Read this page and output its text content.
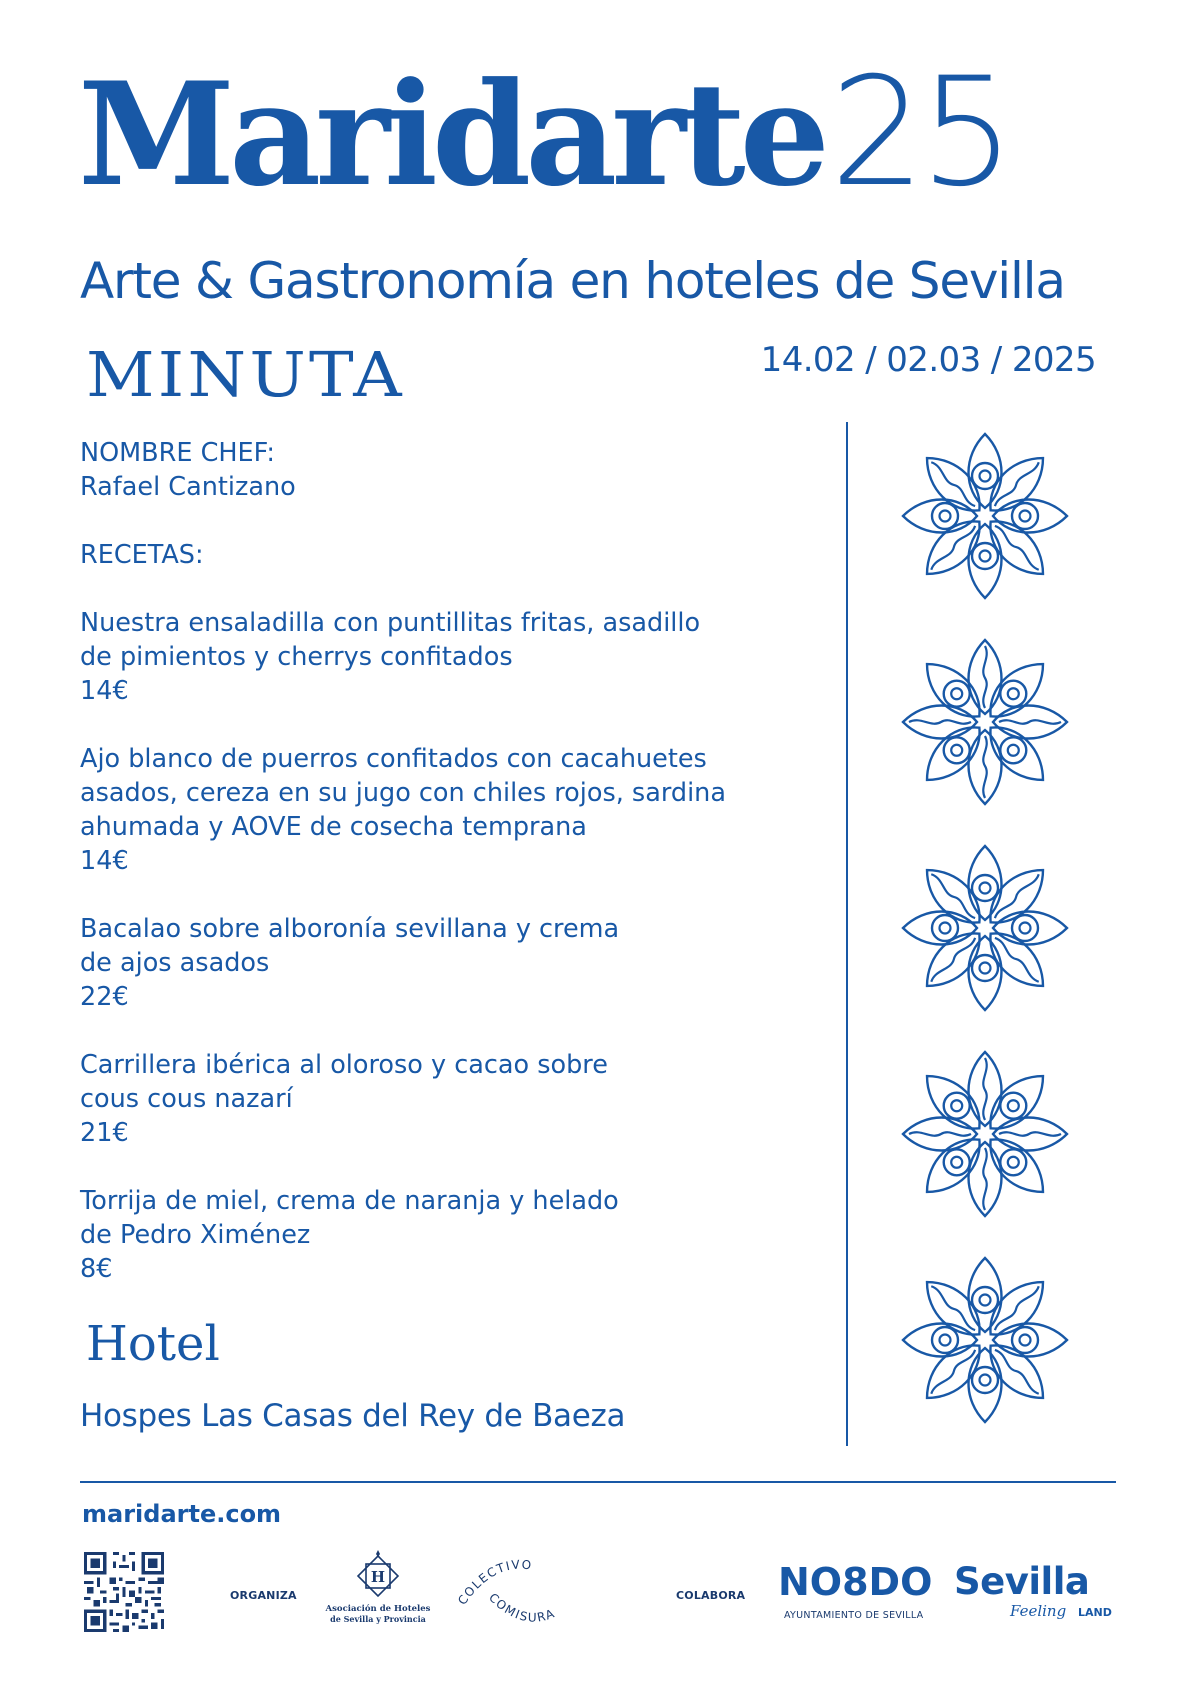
Maridarte25
Arte & Gastronomía en hoteles de Sevilla
MINUTA	14.02 / 02.03 / 2025
NOMBRE CHEF:
Rafael Cantizano
RECETAS:
Nuestra ensaladilla con puntillitas fritas, asadillo
de pimientos y cherrys confitados
14€
Ajo blanco de puerros confitados con cacahuetes
asados, cereza en su jugo con chiles rojos, sardina
ahumada y AOVE de cosecha temprana
14€
Bacalao sobre alboronía sevillana y crema
de ajos asados
22€
Carrillera ibérica al oloroso y cacao sobre
cous cous nazarí
21€
Torrija de miel, crema de naranja y helado
de Pedro Ximénez
8€
Hotel
Hospes Las Casas del Rey de Baeza
maridarte.com
ORGANIZA
H
Asociación de Hoteles
de Sevilla y Provincia
COLECTIVO
COMISURA
COLABORA NO8DO
AYUNTAMIENTO DE SEVILLA
Sevilla
Feeling LAND
